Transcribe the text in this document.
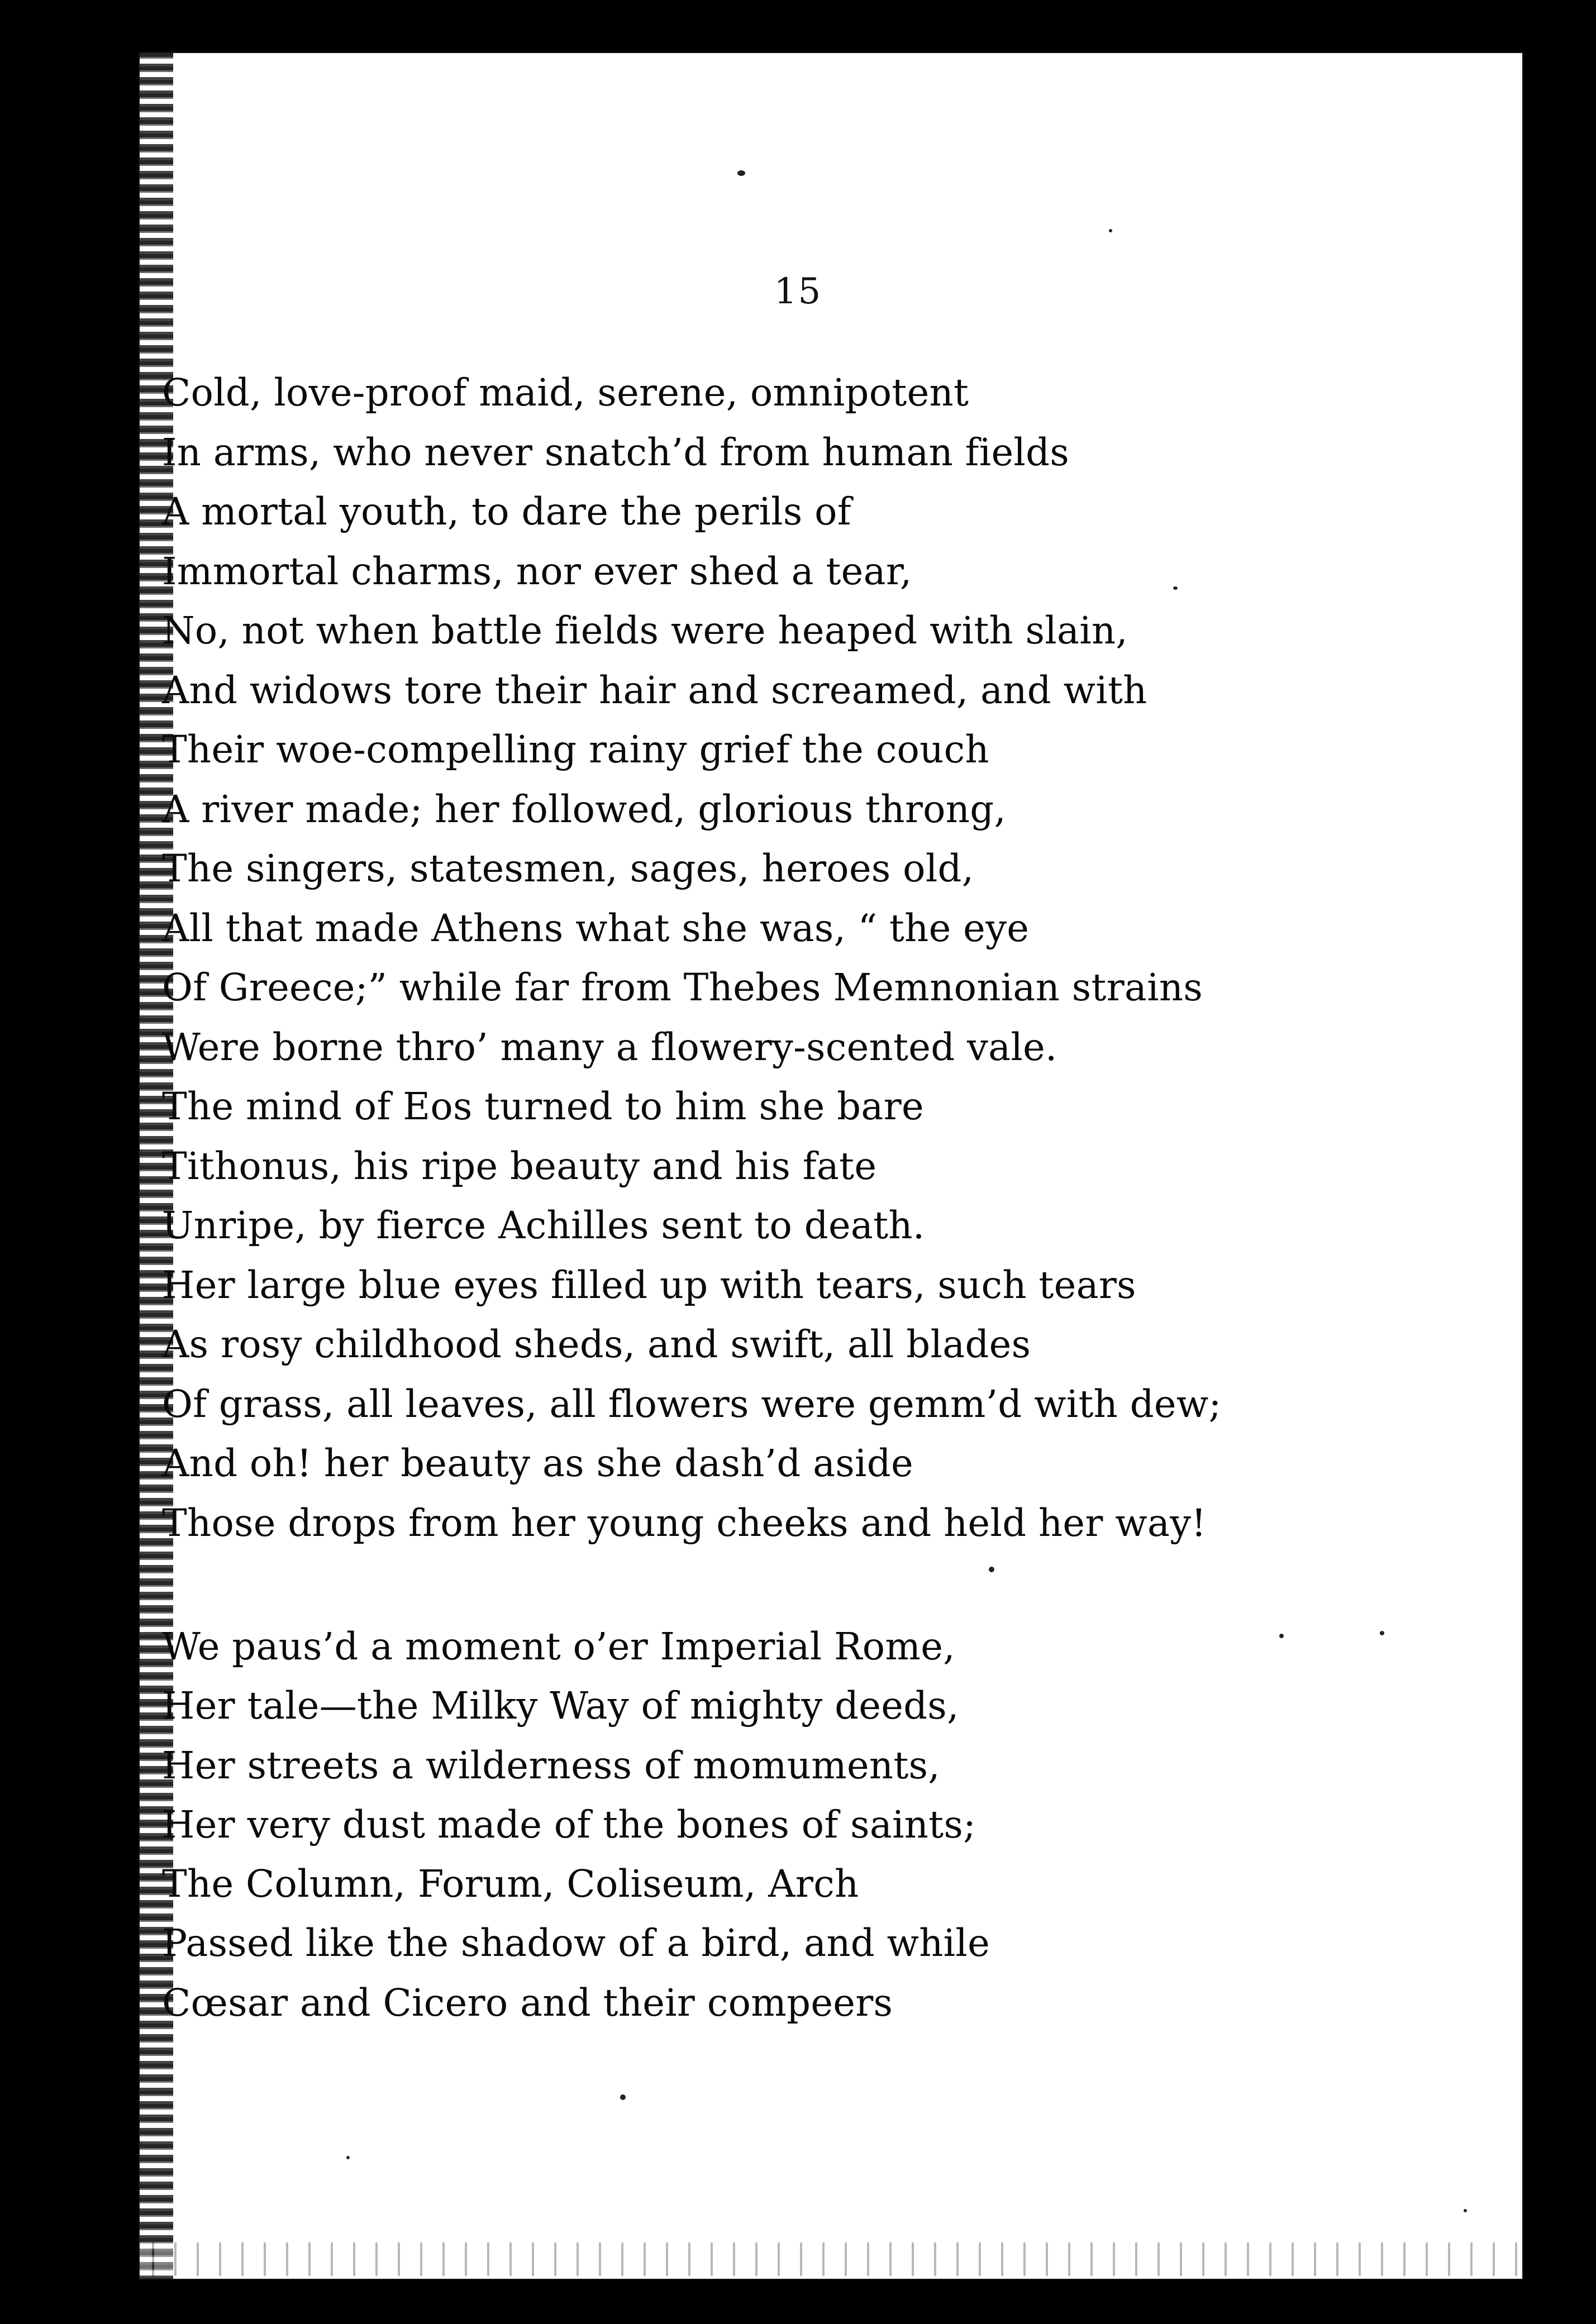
15
Cold, love-proof maid, serene, omnipotent
In arms, who never snatch’d from human fields
A mortal youth, to dare the perils of
Immortal charms, nor ever shed a tear,
No, not when battle fields were heaped with slain,
And widows tore their hair and screamed, and with
Their woe-compelling rainy grief the couch
A river made; her followed, glorious throng,
The singers, statesmen, sages, heroes old,
All that made Athens what she was, “ the eye
Of Greece;” while far from Thebes Memnonian strains
Were borne thro’ many a flowery-scented vale.
The mind of Eos turned to him she bare
Tithonus, his ripe beauty and his fate
Unripe, by fierce Achilles sent to death.
Her large blue eyes filled up with tears, such tears
As rosy childhood sheds, and swift, all blades
Of grass, all leaves, all flowers were gemm’d with dew;
And oh! her beauty as she dash’d aside
Those drops from her young cheeks and held her way!
We paus’d a moment o’er Imperial Rome,
Her tale—the Milky Way of mighty deeds,
Her streets a wilderness of momuments,
Her very dust made of the bones of saints;
The Column, Forum, Coliseum, Arch
Passed like the shadow of a bird, and while
Cœsar and Cicero and their compeers
